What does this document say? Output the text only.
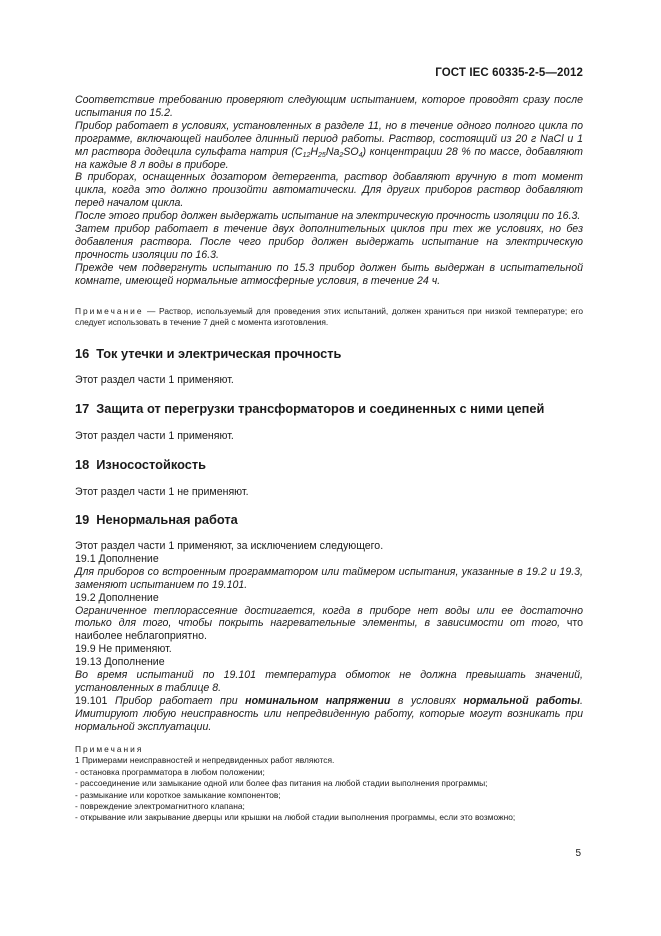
ГОСТ IEC 60335-2-5—2012

Соответствие требованию проверяют следующим испытанием, которое проводят сразу после испытания по 15.2.

Прибор работает в условиях, установленных в разделе 11, но в течение одного полного цикла по программе, включающей наиболее длинный период работы. Раствор, состоящий из 20 г NaCl и 1 мл раствора додецила сульфата натрия $(C_{12}H_{25}Na_2SO_4)$ концентрации 28 % по массе, добавляют на каждые 8 л воды в приборе.

В приборах, оснащенных дозатором детергента, раствор добавляют вручную в тот момент цикла, когда это должно произойти автоматически. Для других приборов раствор добавляют перед началом цикла.

После этого прибор должен выдержать испытание на электрическую прочность изоляции по 16.3.

Затем прибор работает в течение двух дополнительных циклов при тех же условиях, но без добавления раствора. После чего прибор должен выдержать испытание на электрическую прочность изоляции по 16.3.

Прежде чем подвергнуть испытанию по 15.3 прибор должен быть выдержан в испытательной комнате, имеющей нормальные атмосферные условия, в течение 24 ч.

Примечание — Раствор, используемый для проведения этих испытаний, должен храниться при низкой температуре; его следует использовать в течение 7 дней с момента изготовления.

16 Ток утечки и электрическая прочность

Этот раздел части 1 применяют.

17 Защита от перегрузки трансформаторов и соединенных с ними цепей

Этот раздел части 1 применяют.

18 Износостойкость

Этот раздел части 1 не применяют.

19 Ненормальная работа

Этот раздел части 1 применяют, за исключением следующего.

19.1 Дополнение

Для приборов со встроенным программатором или таймером испытания, указанные в 19.2 и 19.3, заменяют испытанием по 19.101.

19.2 Дополнение

Ограниченное теплорассеяние достигается, когда в приборе нет воды или ее достаточно только для того, чтобы покрыть нагревательные элементы, в зависимости от того, что наиболее неблагоприятно.

19.9 Не применяют.

19.13 Дополнение

Во время испытаний по 19.101 температура обмоток не должна превышать значений, установленных в таблице 8.

19.101 Прибор работает при номинальном напряжении в условиях нормальной работы. Имитируют любую неисправность или непредвиденную работу, которые могут возникать при нормальной эксплуатации.

Примечания

1 Примерами неисправностей и непредвиденных работ являются.

- остановка программатора в любом положении;

- рассоединение или замыкание одной или более фаз питания на любой стадии выполнения программы;

- размыкание или короткое замыкание компонентов;

- повреждение электромагнитного клапана;

- открывание или закрывание дверцы или крышки на любой стадии выполнения программы, если это возможно;

5
